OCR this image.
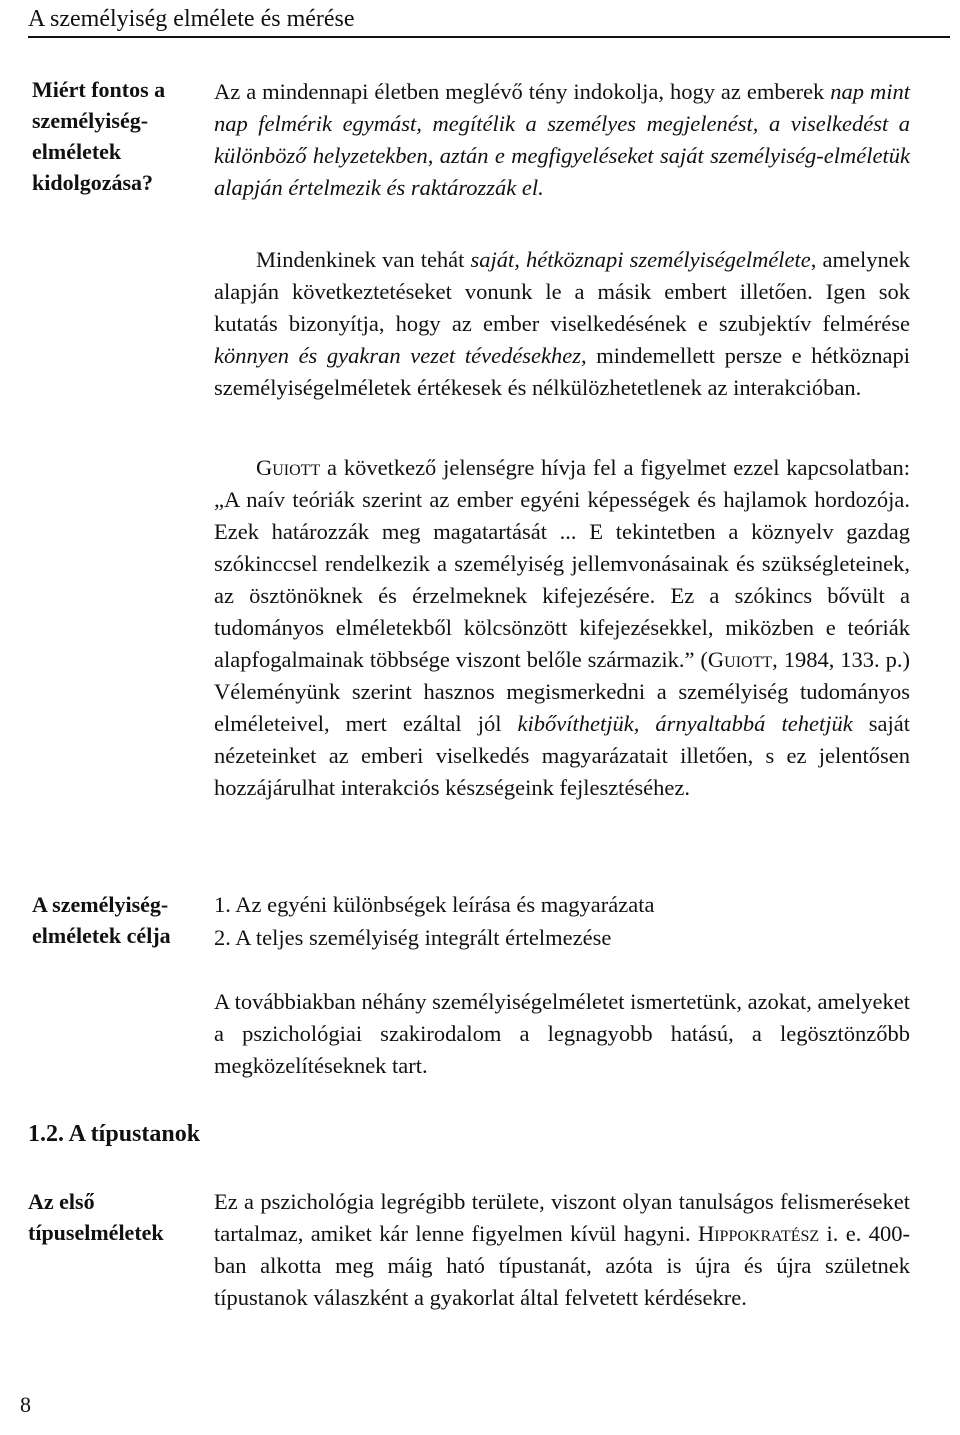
A személyiség elmélete és mérése
Miért fontos a személyiség-elméletek kidolgozása?

Az a mindennapi életben meglévő tény indokolja, hogy az emberek nap mint nap felmérik egymást, megítélik a személyes megjelenést, a viselkedést a különböző helyzetekben, aztán e megfigyeléseket saját személyiség-elméletük alapján értelmezik és raktározzák el.

Mindenkinek van tehát saját, hétköznapi személyiségelmélete, amelynek alapján következtetéseket vonunk le a másik embert illetően. Igen sok kutatás bizonyítja, hogy az ember viselkedésének e szubjektív felmérése könnyen és gyakran vezet tévedésekhez, mindemellett persze e hétköznapi személyiségelméletek értékesek és nélkülözhetetlenek az interakcióban.

Guiott a következő jelenségre hívja fel a figyelmet ezzel kapcsolatban: „A naív teóriák szerint az ember egyéni képességek és hajlamok hordozója. Ezek határozzák meg magatartását ... E tekintetben a köznyelv gazdag szókinccsel rendelkezik a személyiség jellemvonásainak és szükségleteinek, az ösztönöknek és érzelmeknek kifejezésére. Ez a szókincs bővült a tudományos elméletekből kölcsönzött kifejezésekkel, miközben e teóriák alapfogalmainak többsége viszont belőle származik.” (Guiott, 1984, 133. p.) Véleményünk szerint hasznos megismerkedni a személyiség tudományos elméleteivel, mert ezáltal jól kibővíthetjük, árnyaltabbá tehetjük saját nézeteinket az emberi viselkedés magyarázatait illetően, s ez jelentősen hozzájárulhat interakciós készségeink fejlesztéséhez.

A személyiség-elméletek célja
1. Az egyéni különbségek leírása és magyarázata
2. A teljes személyiség integrált értelmezése

A továbbiakban néhány személyiségelméletet ismertetünk, azokat, amelyeket a pszichológiai szakirodalom a legnagyobb hatású, a legösztönzőbb megközelítéseknek tart.

1.2. A típustanok
Az első típuselméletek

Ez a pszichológia legrégibb területe, viszont olyan tanulságos felismeréseket tartalmaz, amiket kár lenne figyelmen kívül hagyni. Hippokratész i. e. 400-ban alkotta meg máig ható típustanát, azóta is újra és újra születnek típustanok válaszként a gyakorlat által felvetett kérdésekre.

8
